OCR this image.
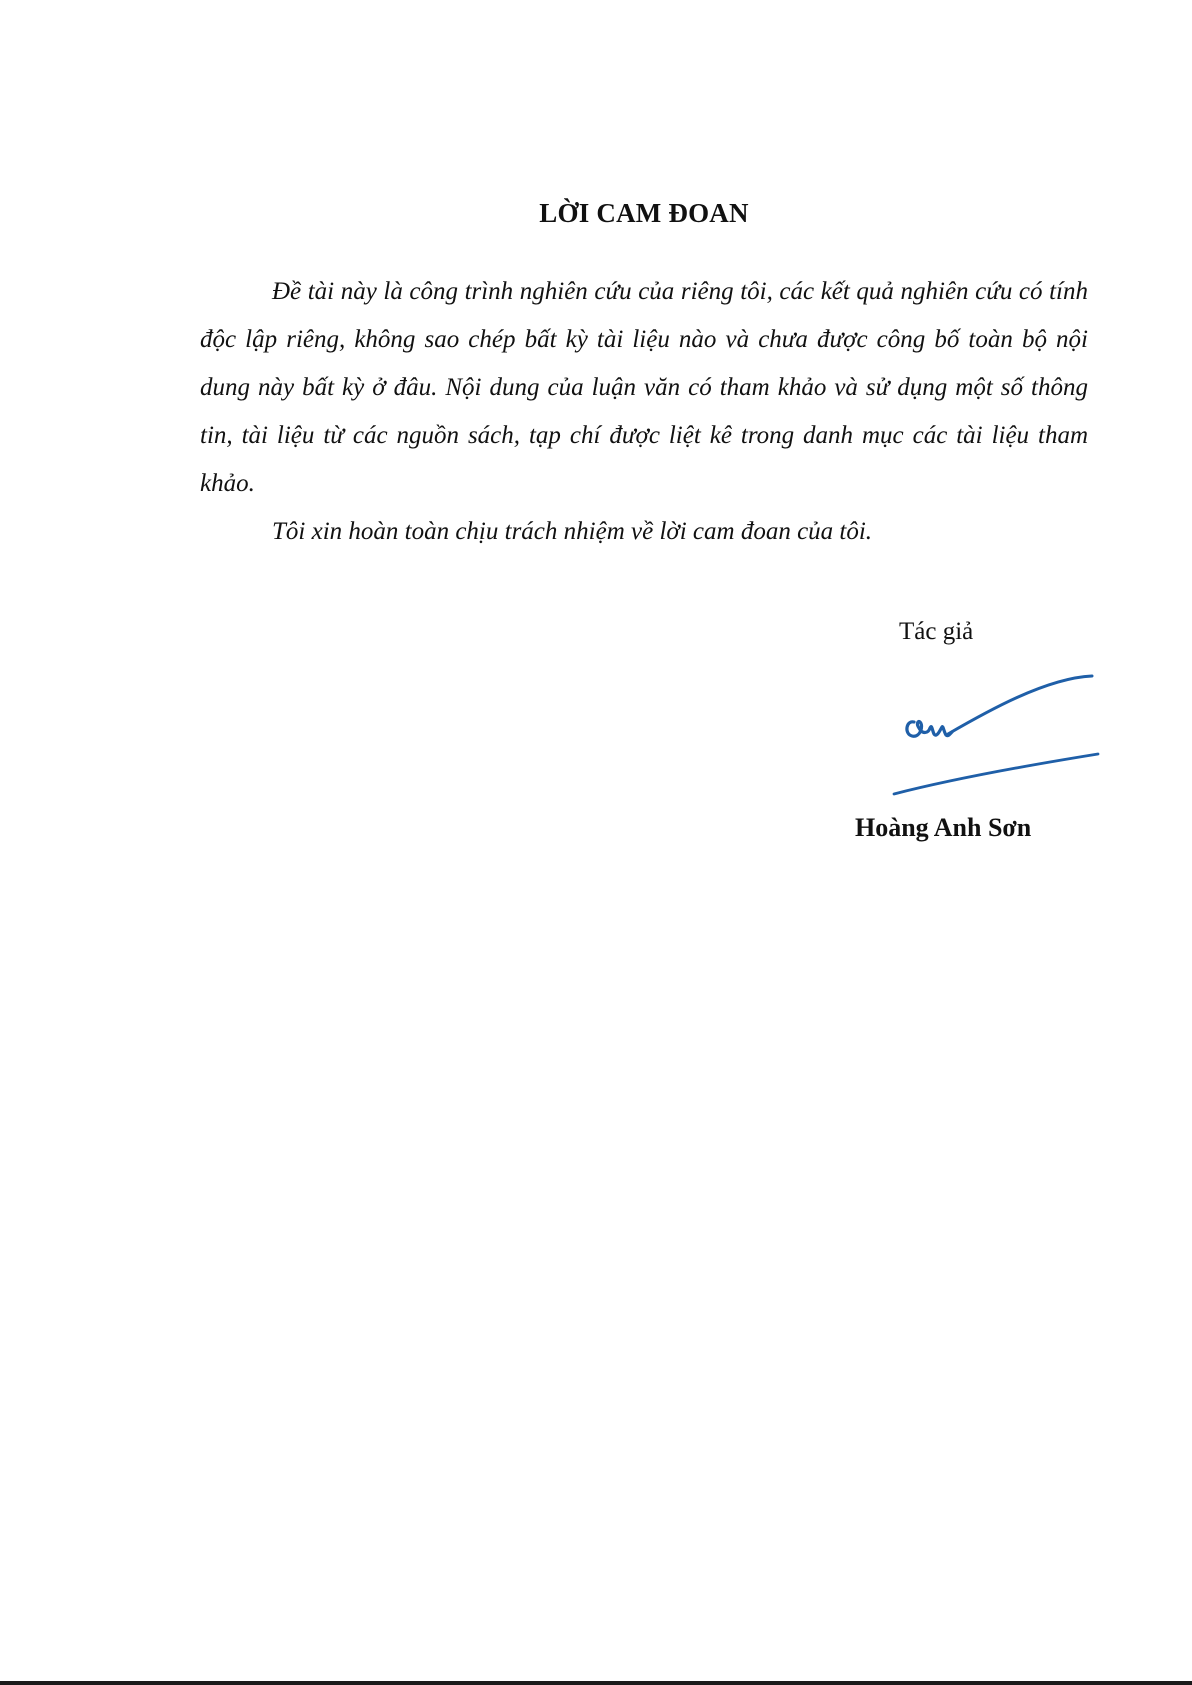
LỜI CAM ĐOAN

Đề tài này là công trình nghiên cứu của riêng tôi, các kết quả nghiên cứu có tính độc lập riêng, không sao chép bất kỳ tài liệu nào và chưa được công bố toàn bộ nội dung này bất kỳ ở đâu. Nội dung của luận văn có tham khảo và sử dụng một số thông tin, tài liệu từ các nguồn sách, tạp chí được liệt kê trong danh mục các tài liệu tham khảo.

Tôi xin hoàn toàn chịu trách nhiệm về lời cam đoan của tôi.

Tác giả
Hoàng Anh Sơn
